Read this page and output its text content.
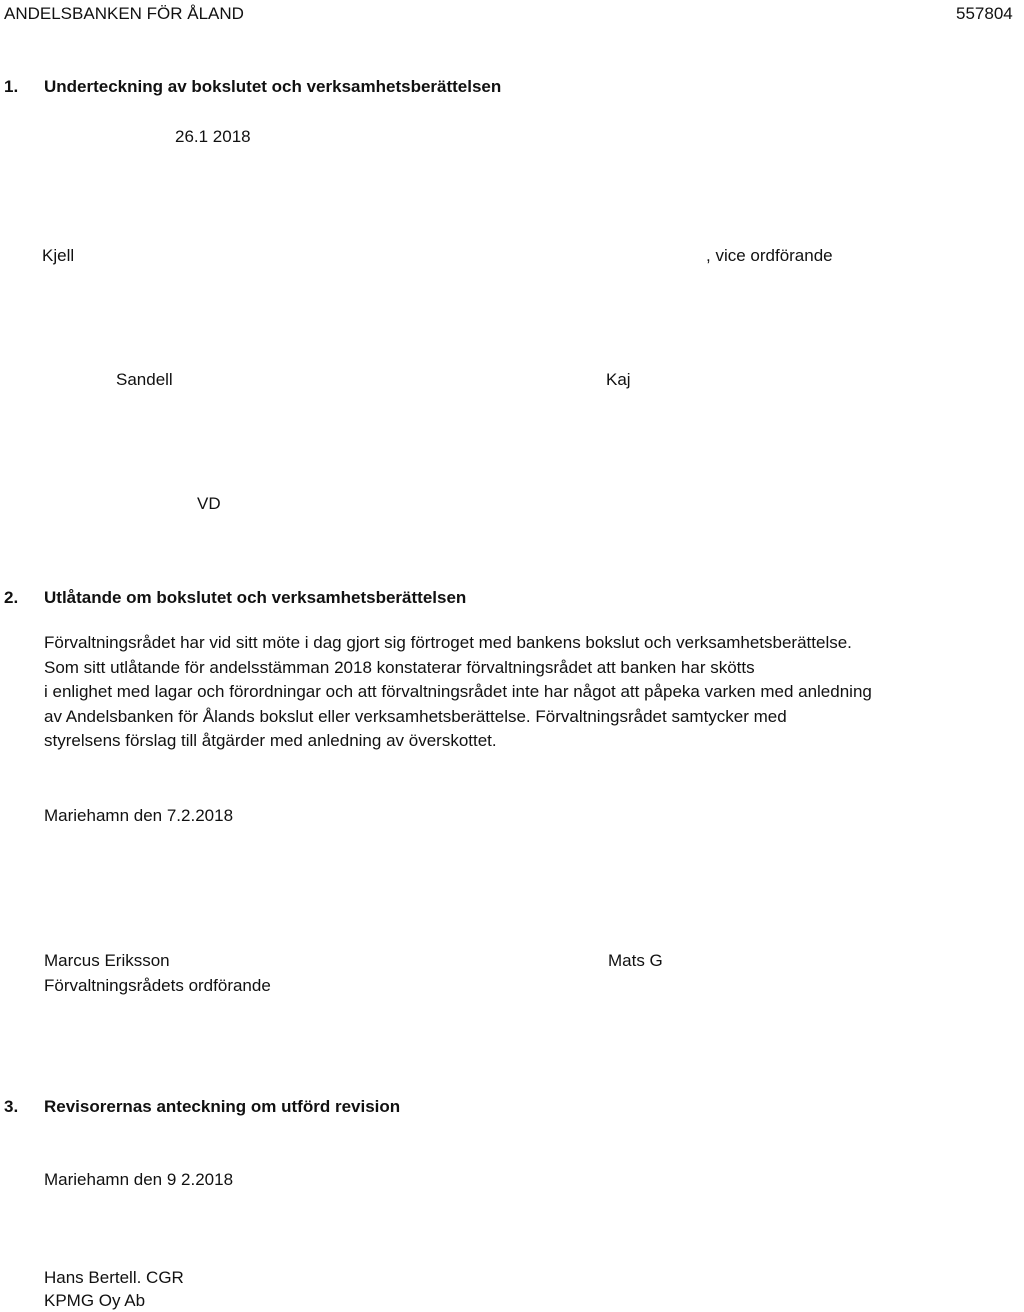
ANDELSBANKEN FÖR ÅLAND	557804
1. Underteckning av bokslutet och verksamhetsberättelsen
26.1 2018
Kjell	, vice ordförande
Sandell	Kaj
VD
2. Utlåtande om bokslutet och verksamhetsberättelsen
Förvaltningsrådet har vid sitt möte i dag gjort sig förtroget med bankens bokslut och verksamhetsberättelse.
Som sitt utlåtande för andelsstämman 2018 konstaterar förvaltningsrådet att banken har skötts
i enlighet med lagar och förordningar och att förvaltningsrådet inte har något att påpeka varken med anledning
av Andelsbanken för Ålands bokslut eller verksamhetsberättelse. Förvaltningsrådet samtycker med
styrelsens förslag till åtgärder med anledning av överskottet.
Mariehamn den 7.2.2018
Marcus Eriksson
Förvaltningsrådets ordförande
Mats G
3. Revisorernas anteckning om utförd revision
Mariehamn den 9 2.2018
Hans Bertell. CGR
KPMG Oy Ab
